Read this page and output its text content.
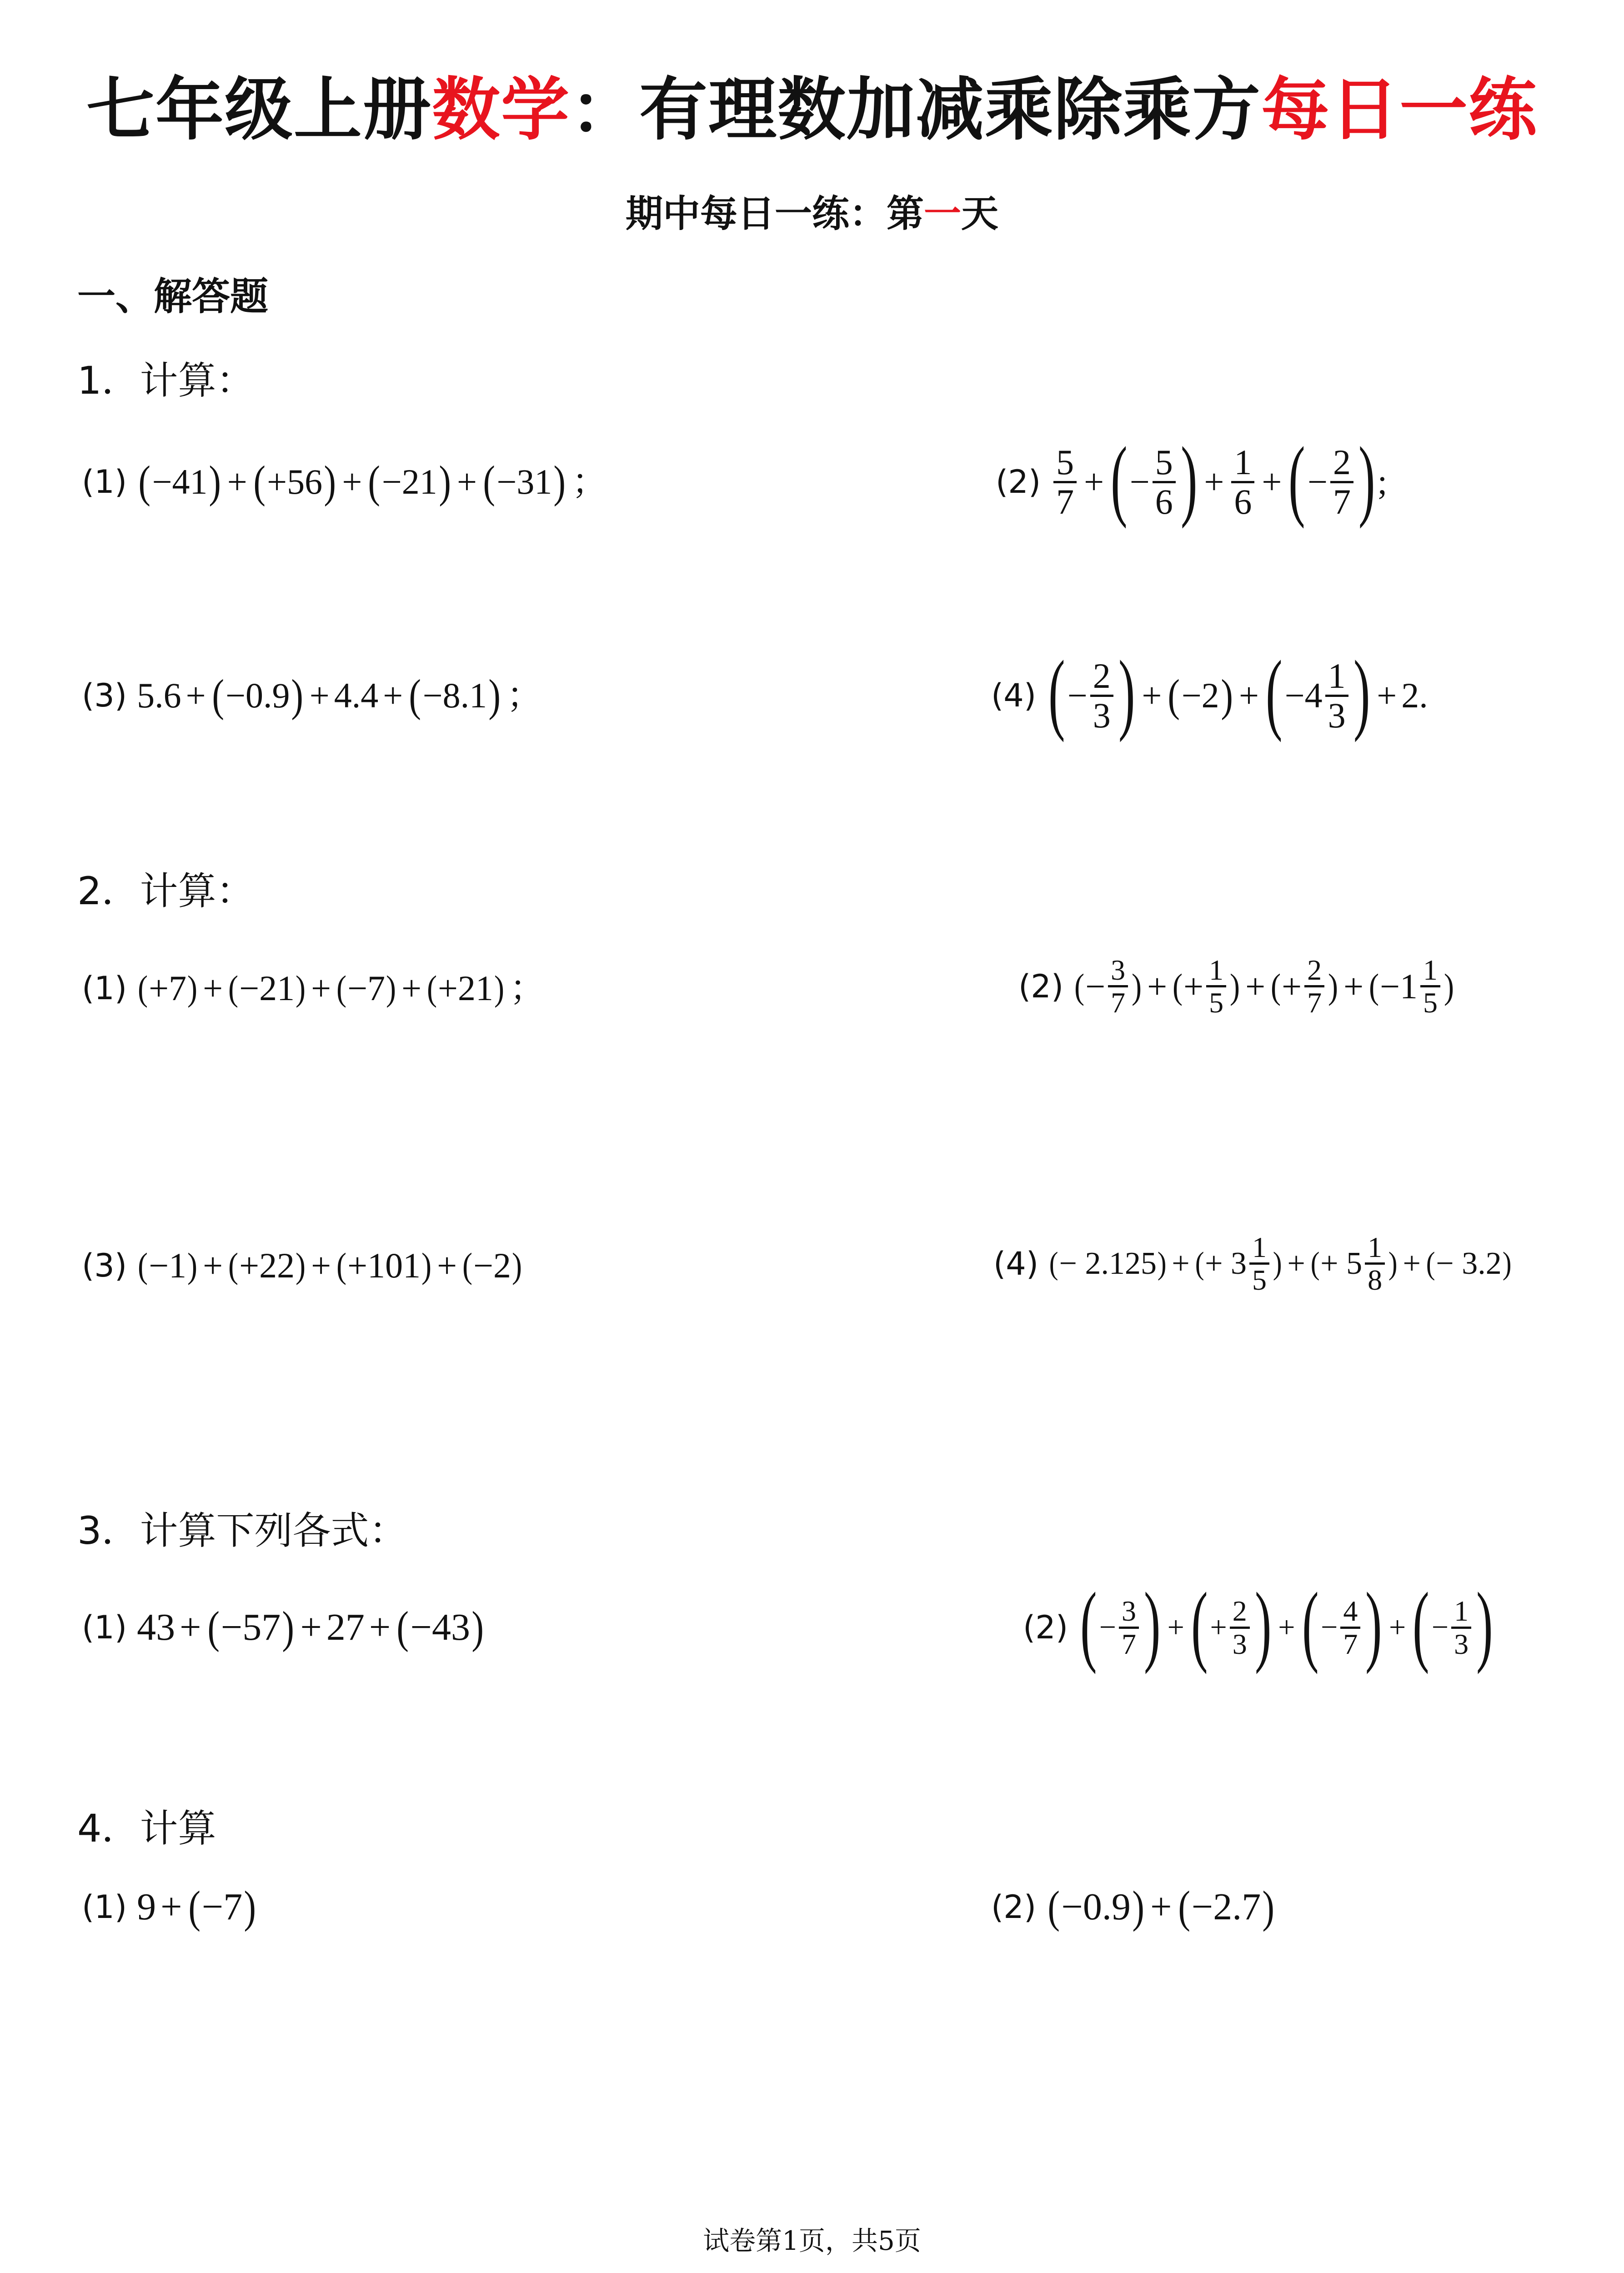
七年级上册数学：有理数加减乘除乘方每日一练
期中每日一练：第一天
一、解答题
1．计算：
(1) ( −41 ) + ( +56 ) + ( −21 ) + ( −31 ) ；	$(2) \frac{5}{7}$ + ( − $\frac{5}{6}$ ) + $\frac{1}{6}$ + ( − $\frac{2}{7}$ ) ;
(3) 5.6 + ( −0.9 ) + 4.4 + ( −8.1 ) ；	(4) ( − $\frac{2}{3}$ ) + ( −2 ) + ( $-4 \frac{1}{3}$ ) + 2.
2．计算：
(1) ( +7 ) + ( −21 ) + ( −7 ) + ( +21 ) ；	(2) ( − $\frac{3}{7}$ ) + ( + $\frac{1}{5}$ ) + ( + $\frac{2}{7}$ ) + ( $-1 \frac{1}{5}$ )
(3) ( −1 ) + ( +22 ) + ( +101 ) + ( −2 )	(4) ( − 2.125 ) + ( + $3 \frac{1}{5}$ ) + ( + $5 \frac{1}{8}$ ) + ( − 3.2 )
3．计算下列各式：
(1) 43 + ( −57 ) + 27 + ( −43 )	(2) ( − $\frac{3}{7}$ ) + ( + $\frac{2}{3}$ ) + ( − $\frac{4}{7}$ ) + ( − $\frac{1}{3}$ )
4．计算
(1) 9 + ( −7 )	(2) ( −0.9 ) + ( −2.7 )
试卷第1页，共5页
